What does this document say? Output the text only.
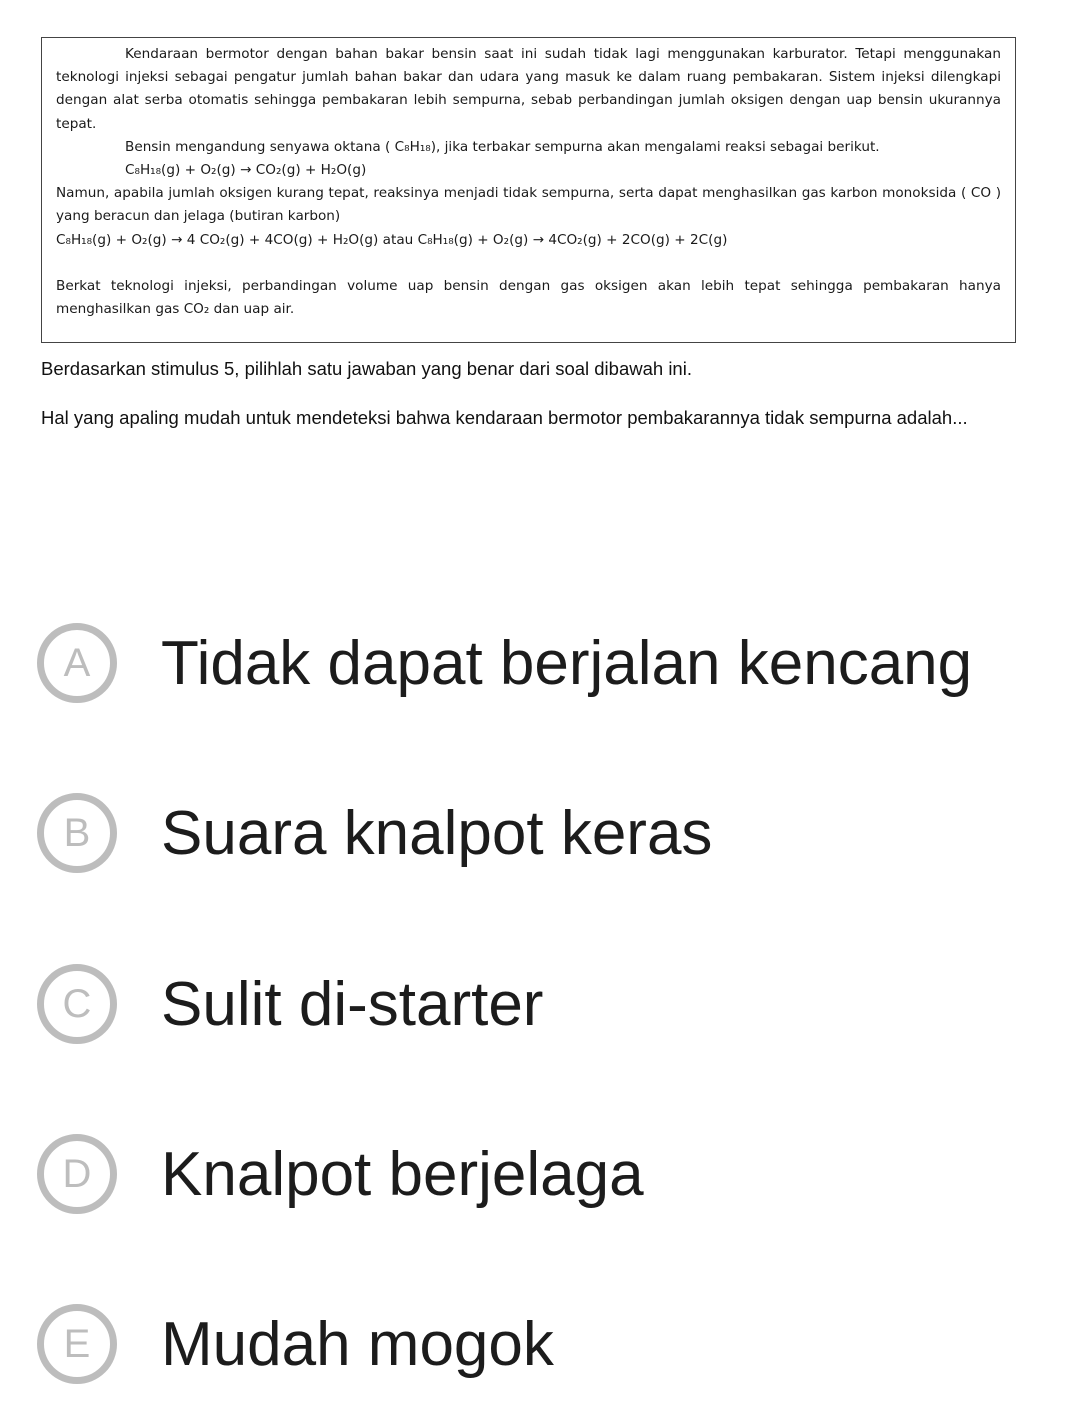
Kendaraan bermotor dengan bahan bakar bensin saat ini sudah tidak lagi menggunakan karburator. Tetapi menggunakan teknologi injeksi sebagai pengatur jumlah bahan bakar dan udara yang masuk ke dalam ruang pembakaran. Sistem injeksi dilengkapi dengan alat serba otomatis sehingga pembakaran lebih sempurna, sebab perbandingan jumlah oksigen dengan uap bensin ukurannya tepat.

Bensin mengandung senyawa oktana ( C₈H₁₈), jika terbakar sempurna akan mengalami reaksi sebagai berikut.

C₈H₁₈(g) + O₂(g) → CO₂(g) + H₂O(g)

Namun, apabila jumlah oksigen kurang tepat, reaksinya menjadi tidak sempurna, serta dapat menghasilkan gas karbon monoksida ( CO ) yang beracun dan jelaga (butiran karbon)

C₈H₁₈(g) + O₂(g) → 4 CO₂(g) + 4CO(g) + H₂O(g) atau C₈H₁₈(g) + O₂(g) → 4CO₂(g) + 2CO(g) + 2C(g)

Berkat teknologi injeksi, perbandingan volume uap bensin dengan gas oksigen akan lebih tepat sehingga pembakaran hanya menghasilkan gas CO₂ dan uap air.

Berdasarkan stimulus 5, pilihlah satu jawaban yang benar dari soal dibawah ini.

Hal yang apaling mudah untuk mendeteksi bahwa kendaraan bermotor pembakarannya tidak sempurna adalah...

A	Tidak dapat berjalan kencang
B	Suara knalpot keras
C	Sulit di-starter
D	Knalpot berjelaga
E	Mudah mogok
